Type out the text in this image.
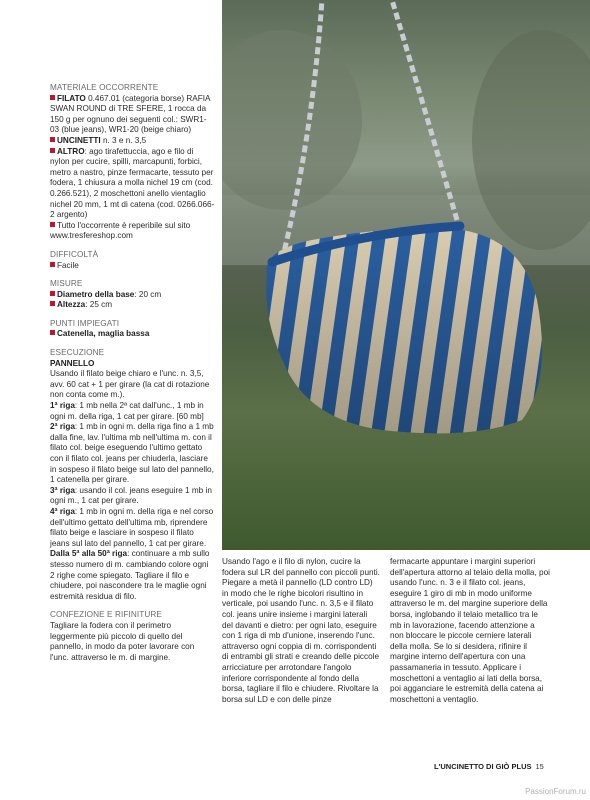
MATERIALE OCCORRENTE
FILATO 0.467.01 (categoria borse) RAFIA SWAN ROUND di TRE SFERE, 1 rocca da 150 g per ognuno dei seguenti col.: SWR1-03 (blue jeans), WR1-20 (beige chiaro)
UNCINETTI n. 3 e n. 3,5
ALTRO: ago tirafettuccia, ago e filo di nylon per cucire, spilli, marcapunti, forbici, metro a nastro, pinze fermacarte, tessuto per fodera, 1 chiusura a molla nichel 19 cm (cod. 0.266.521), 2 moschettoni anello vientaglio nichel 20 mm, 1 mt di catena (cod. 0266.066-2 argento)
Tutto l'occorrente è reperibile sul sito www.tresfereshop.com
DIFFICOLTÀ
Facile
MISURE
Diametro della base: 20 cm
Altezza: 25 cm
PUNTI IMPIEGATI
Catenella, maglia bassa
ESECUZIONE
PANNELLO
Usando il filato beige chiaro e l'unc. n. 3,5, avv. 60 cat + 1 per girare (la cat di rotazione non conta come m.).
1ª riga: 1 mb nella 2ª cat dall'unc., 1 mb in ogni m. della riga, 1 cat per girare. [60 mb]
2ª riga: 1 mb in ogni m. della riga fino a 1 mb dalla fine, lav. l'ultima mb nell'ultima m. con il filato col. beige eseguendo l'ultimo gettato con il filato col. jeans per chiuderla, lasciare in sospeso il filato beige sul lato del pannello, 1 catenella per girare.
3ª riga: usando il col. jeans eseguire 1 mb in ogni m., 1 cat per girare.
4ª riga: 1 mb in ogni m. della riga e nel corso dell'ultimo gettato dell'ultima mb, riprendere filato beige e lasciare in sospeso il filato jeans sul lato del pannello, 1 cat per girare.
Dalla 5ª alla 50ª riga: continuare a mb sullo stesso numero di m. cambiando colore ogni 2 righe come spiegato. Tagliare il filo e chiudere, poi nascondere tra le maglie ogni estremità residua di filo.
CONFEZIONE E RIFINITURE
Tagliare la fodera con il perimetro leggermente più piccolo di quello del pannello, in modo da poter lavorare con l'unc. attraverso le m. di margine.
Usando l'ago e il filo di nylon, cucire la fodera sul LR del pannello con piccoli punti. Piegare a metà il pannello (LD contro LD) in modo che le righe bicolori risultino in verticale, poi usando l'unc. n. 3,5 e il filato col. jeans unire insieme i margini laterali del davanti e dietro: per ogni lato, eseguire con 1 riga di mb d'unione, inserendo l'unc. attraverso ogni coppia di m. corrispondenti di entrambi gli strati e creando delle piccole arricciature per arrotondare l'angolo inferiore corrispondente al fondo della borsa, tagliare il filo e chiudere. Rivoltare la borsa sul LD e con delle pinze
fermacarte appuntare i margini superiori dell'apertura attorno al telaio della molla, poi usando l'unc. n. 3 e il filato col. jeans, eseguire 1 giro di mb in modo uniforme attraverso le m. del margine superiore della borsa, inglobando il telaio metallico tra le mb in lavorazione, facendo attenzione a non bloccare le piccole cerniere laterali della molla. Se lo si desidera, rifinire il margine interno dell'apertura con una passamaneria in tessuto. Applicare i moschettoni a ventaglio ai lati della borsa, poi agganciare le estremità della catena ai moschettoni a ventaglio.
L'UNCINETTO DI GIÒ PLUS 15
PassionForum.ru
